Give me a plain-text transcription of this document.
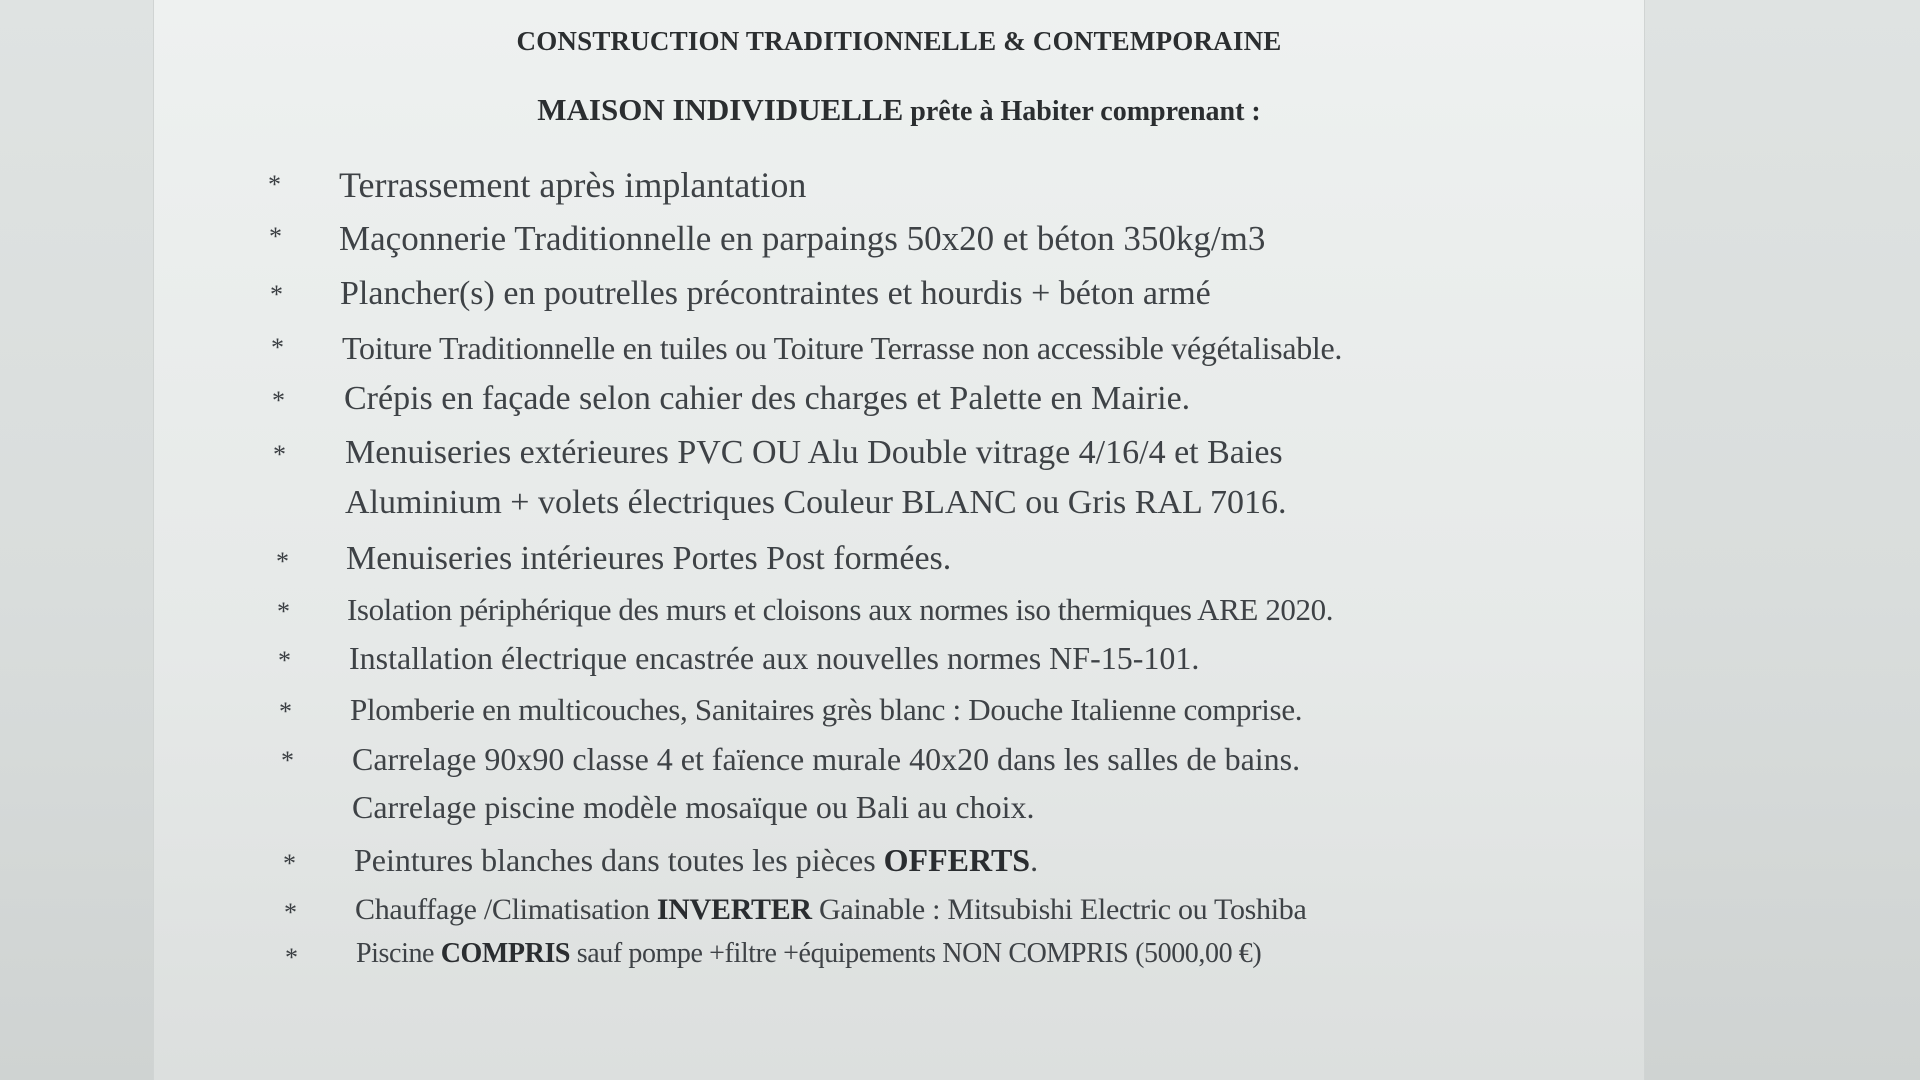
CONSTRUCTION TRADITIONNELLE & CONTEMPORAINE
MAISON INDIVIDUELLE prête à Habiter comprenant :
* Terrassement après implantation
* Maçonnerie Traditionnelle en parpaings 50x20 et béton 350kg/m3
* Plancher(s) en poutrelles précontraintes et hourdis + béton armé
* Toiture Traditionnelle en tuiles ou Toiture Terrasse non accessible végétalisable.
* Crépis en façade selon cahier des charges et Palette en Mairie.
* Menuiseries extérieures PVC OU Alu Double vitrage 4/16/4 et Baies
Aluminium + volets électriques Couleur BLANC ou Gris RAL 7016.
* Menuiseries intérieures Portes Post formées.
* Isolation périphérique des murs et cloisons aux normes iso thermiques ARE 2020.
* Installation électrique encastrée aux nouvelles normes NF-15-101.
* Plomberie en multicouches, Sanitaires grès blanc : Douche Italienne comprise.
* Carrelage 90x90 classe 4 et faïence murale 40x20 dans les salles de bains.
Carrelage piscine modèle mosaïque ou Bali au choix.
* Peintures blanches dans toutes les pièces OFFERTS.
* Chauffage /Climatisation INVERTER Gainable : Mitsubishi Electric ou Toshiba
* Piscine COMPRIS sauf pompe +filtre +équipements NON COMPRIS (5000,00 €)
